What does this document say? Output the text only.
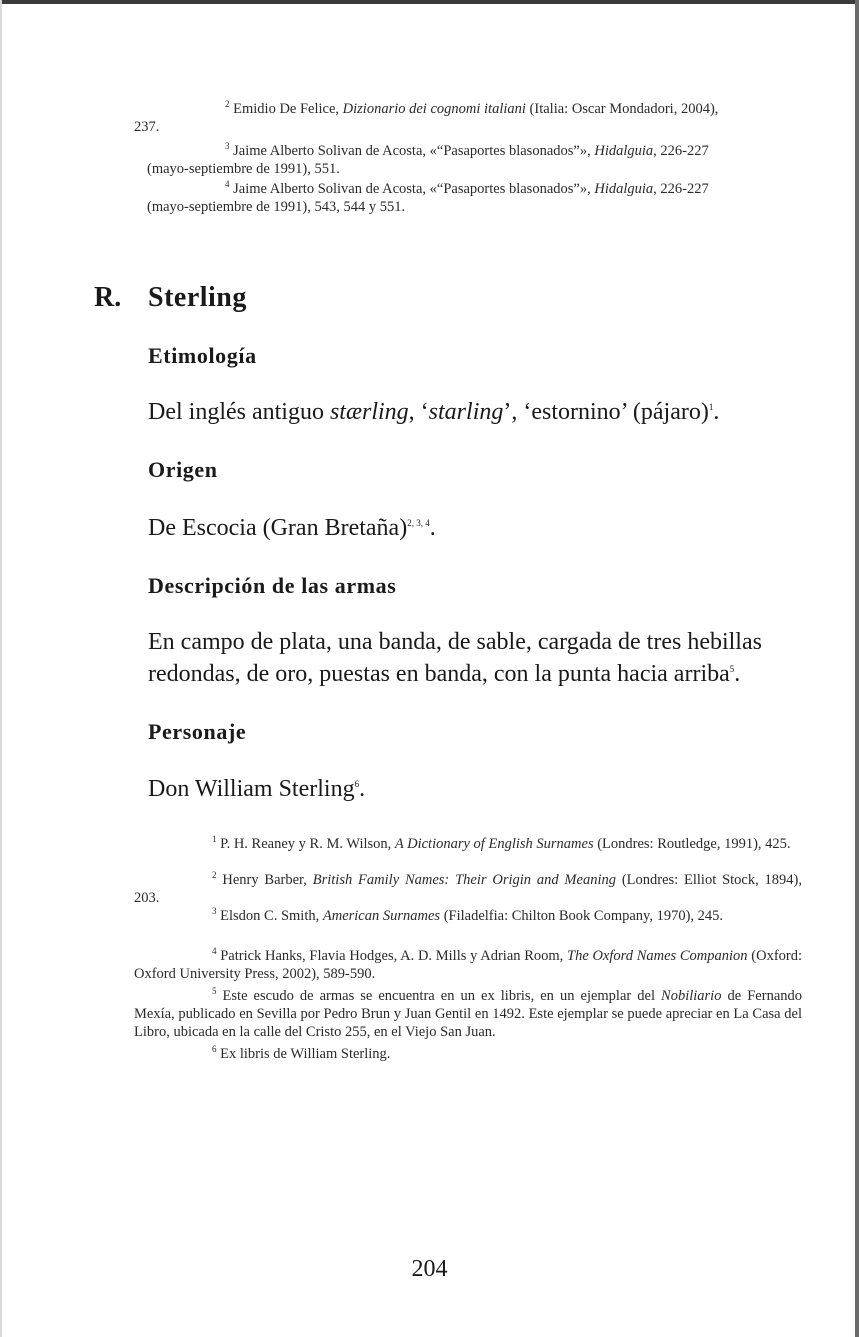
$^2$ Emidio De Felice, Dizionario dei cognomi italiani (Italia: Oscar Mondadori, 2004),
237.
$^3$ Jaime Alberto Solivan de Acosta, «“Pasaportes blasonados”», Hidalguia, 226-227
(mayo-septiembre de 1991), 551.
$^4$ Jaime Alberto Solivan de Acosta, «“Pasaportes blasonados”», Hidalguia, 226-227
(mayo-septiembre de 1991), 543, 544 y 551.
R. Sterling
Etimología
Del inglés antiguo stærling, ‘starling’, ‘estornino’ (pájaro)$^1$.
Origen
De Escocia (Gran Bretaña)$^{2, 3, 4}$.
Descripción de las armas
En campo de plata, una banda, de sable, cargada de tres hebillas redondas, de oro, puestas en banda, con la punta hacia arriba$^5$.
Personaje
Don William Sterling$^6$.
$^1$ P. H. Reaney y R. M. Wilson, A Dictionary of English Surnames (Londres: Routledge, 1991), 425.
$^2$ Henry Barber, British Family Names: Their Origin and Meaning (Londres: Elliot Stock, 1894), 203.
$^3$ Elsdon C. Smith, American Surnames (Filadelfia: Chilton Book Company, 1970), 245.
$^4$ Patrick Hanks, Flavia Hodges, A. D. Mills y Adrian Room, The Oxford Names Companion (Oxford: Oxford University Press, 2002), 589-590.
$^5$ Este escudo de armas se encuentra en un ex libris, en un ejemplar del Nobiliario de Fernando Mexía, publicado en Sevilla por Pedro Brun y Juan Gentil en 1492. Este ejemplar se puede apreciar en La Casa del Libro, ubicada en la calle del Cristo 255, en el Viejo San Juan.
$^6$ Ex libris de William Sterling.
204
